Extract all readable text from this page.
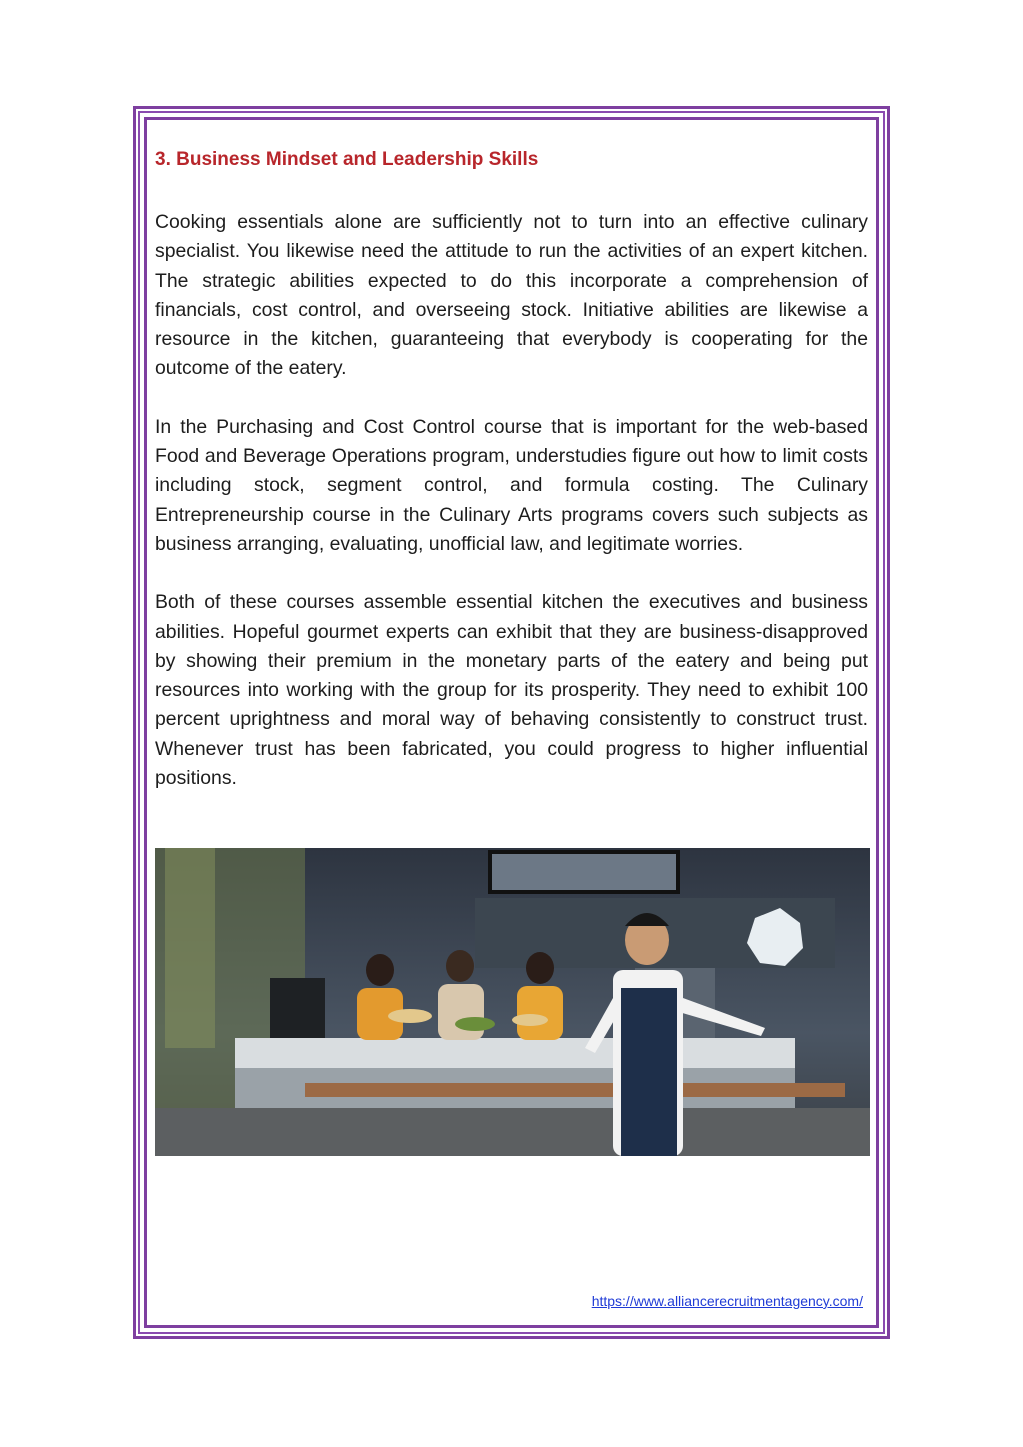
3. Business Mindset and Leadership Skills

Cooking essentials alone are sufficiently not to turn into an effective culinary specialist. You likewise need the attitude to run the activities of an expert kitchen. The strategic abilities expected to do this incorporate a comprehension of financials, cost control, and overseeing stock. Initiative abilities are likewise a resource in the kitchen, guaranteeing that everybody is cooperating for the outcome of the eatery.

In the Purchasing and Cost Control course that is important for the web-based Food and Beverage Operations program, understudies figure out how to limit costs including stock, segment control, and formula costing. The Culinary Entrepreneurship course in the Culinary Arts programs covers such subjects as business arranging, evaluating, unofficial law, and legitimate worries.

Both of these courses assemble essential kitchen the executives and business abilities. Hopeful gourmet experts can exhibit that they are business-disapproved by showing their premium in the monetary parts of the eatery and being put resources into working with the group for its prosperity. They need to exhibit 100 percent uprightness and moral way of behaving consistently to construct trust. Whenever trust has been fabricated, you could progress to higher influential positions.

https://www.alliancerecruitmentagency.com/
